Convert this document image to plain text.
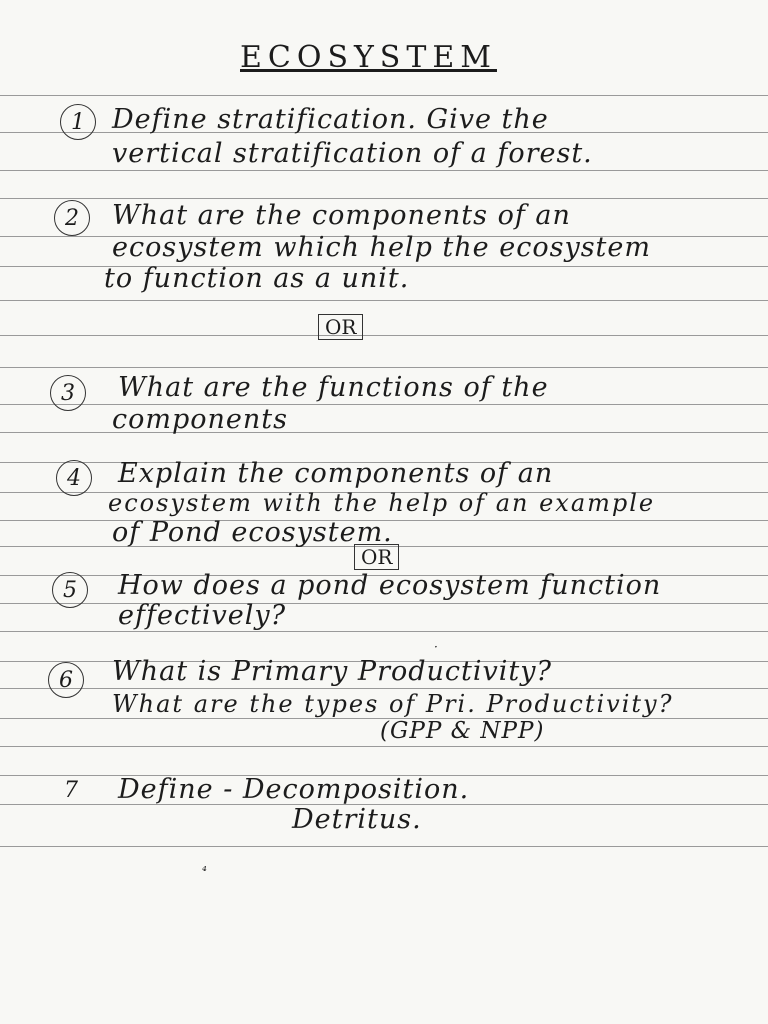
ECOSYSTEM
1	Define stratification. Give the
vertical stratification of a forest.
2	What are the components of an
ecosystem which help the ecosystem
to function as a unit.
OR
3	What are the functions of the
components
4	Explain the components of an
ecosystem with the help of an example
of Pond ecosystem.
OR
5	How does a pond ecosystem function
effectively?
6	What is Primary Productivity?
What are the types of Pri. Productivity?
(GPP & NPP)
7 Define - Decomposition.
Detritus.
⁴
·
